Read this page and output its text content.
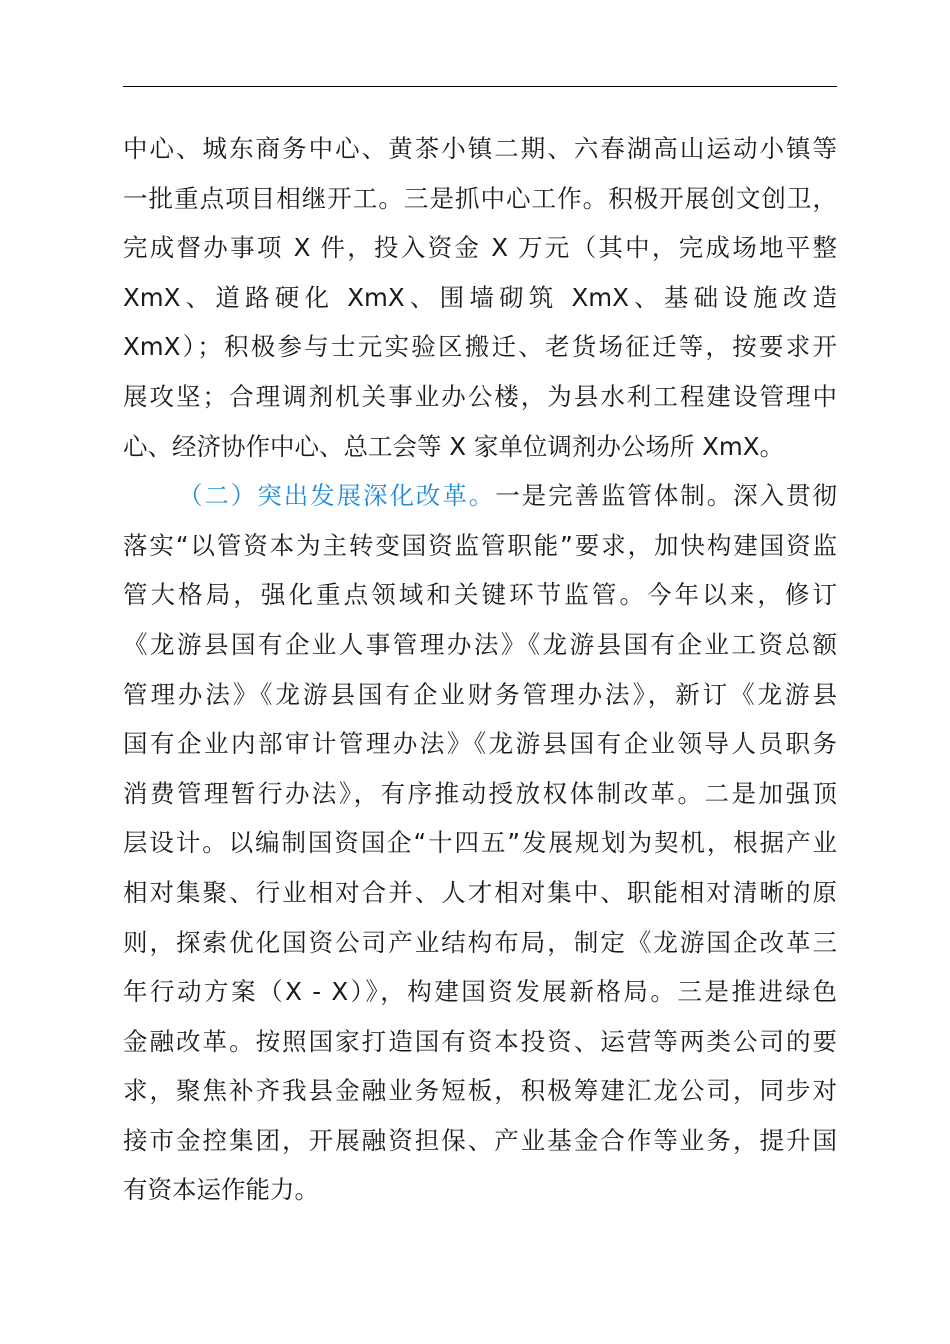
中心、城东商务中心、黄茶小镇二期、六春湖高山运动小镇等
一批重点项目相继开工。三是抓中心工作。积极开展创文创卫，
完成督办事项 X 件，投入资金 X 万元（其中，完成场地平整
XmX、道路硬化 XmX、围墙砌筑 XmX、基础设施改造
XmX）；积极参与士元实验区搬迁、老货场征迁等，按要求开
展攻坚；合理调剂机关事业办公楼，为县水利工程建设管理中
心、经济协作中心、总工会等 X 家单位调剂办公场所 XmX。
（二）突出发展深化改革。一是完善监管体制。深入贯彻
落实“以管资本为主转变国资监管职能”要求，加快构建国资监
管大格局，强化重点领域和关键环节监管。今年以来，修订
《龙游县国有企业人事管理办法》《龙游县国有企业工资总额
管理办法》《龙游县国有企业财务管理办法》，新订《龙游县
国有企业内部审计管理办法》《龙游县国有企业领导人员职务
消费管理暂行办法》，有序推动授放权体制改革。二是加强顶
层设计。以编制国资国企“十四五”发展规划为契机，根据产业
相对集聚、行业相对合并、人才相对集中、职能相对清晰的原
则，探索优化国资公司产业结构布局，制定《龙游国企改革三
年行动方案（X - X）》，构建国资发展新格局。三是推进绿色
金融改革。按照国家打造国有资本投资、运营等两类公司的要
求，聚焦补齐我县金融业务短板，积极筹建汇龙公司，同步对
接市金控集团，开展融资担保、产业基金合作等业务，提升国
有资本运作能力。
